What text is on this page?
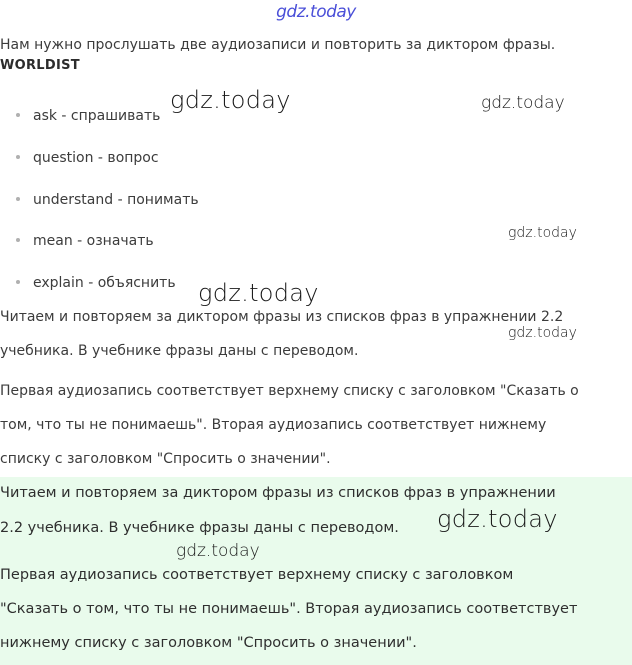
gdz.today
Нам нужно прослушать две аудиозаписи и повторить за диктором фразы.
WORLDIST
ask - спрашивать
question - вопрос
understand - понимать
mean - означать
explain - объяснить
Читаем и повторяем за диктором фразы из списков фраз в упражнении 2.2
учебника. В учебнике фразы даны с переводом.
Первая аудиозапись соответствует верхнему списку с заголовком "Сказать о
том, что ты не понимаешь". Вторая аудиозапись соответствует нижнему
списку с заголовком "Спросить о значении".
Читаем и повторяем за диктором фразы из списков фраз в упражнении
2.2 учебника. В учебнике фразы даны с переводом.
Первая аудиозапись соответствует верхнему списку с заголовком
"Сказать о том, что ты не понимаешь". Вторая аудиозапись соответствует
нижнему списку с заголовком "Спросить о значении".
gdz.today	gdz.today
gdz.today
gdz.today
gdz.today
gdz.today
gdz.today
